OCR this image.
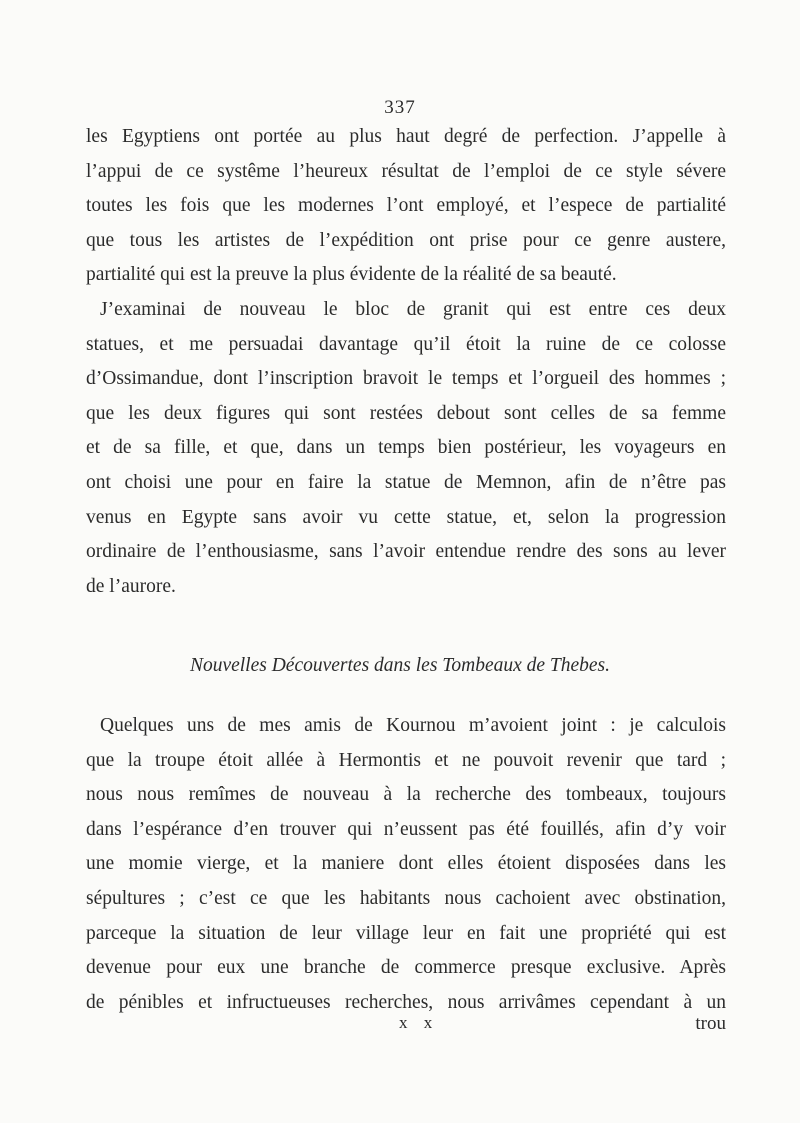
337
les Egyptiens ont portée au plus haut degré de perfection. J’appelle à
l’appui de ce systême l’heureux résultat de l’emploi de ce style sévere
toutes les fois que les modernes l’ont employé, et l’espece de partialité
que tous les artistes de l’expédition ont prise pour ce genre austere,
partialité qui est la preuve la plus évidente de la réalité de sa beauté.
J’examinai de nouveau le bloc de granit qui est entre ces deux
statues, et me persuadai davantage qu’il étoit la ruine de ce colosse
d’Ossimandue, dont l’inscription bravoit le temps et l’orgueil des hommes ;
que les deux figures qui sont restées debout sont celles de sa femme
et de sa fille, et que, dans un temps bien postérieur, les voyageurs en
ont choisi une pour en faire la statue de Memnon, afin de n’être pas
venus en Egypte sans avoir vu cette statue, et, selon la progression
ordinaire de l’enthousiasme, sans l’avoir entendue rendre des sons au lever
de l’aurore.
Nouvelles Découvertes dans les Tombeaux de Thebes.
Quelques uns de mes amis de Kournou m’avoient joint : je calculois
que la troupe étoit allée à Hermontis et ne pouvoit revenir que tard ;
nous nous remîmes de nouveau à la recherche des tombeaux, toujours
dans l’espérance d’en trouver qui n’eussent pas été fouillés, afin d’y voir
une momie vierge, et la maniere dont elles étoient disposées dans les
sépultures ; c’est ce que les habitants nous cachoient avec obstination,
parceque la situation de leur village leur en fait une propriété qui est
devenue pour eux une branche de commerce presque exclusive. Après
de pénibles et infructueuses recherches, nous arrivâmes cependant à un
x x	trou
